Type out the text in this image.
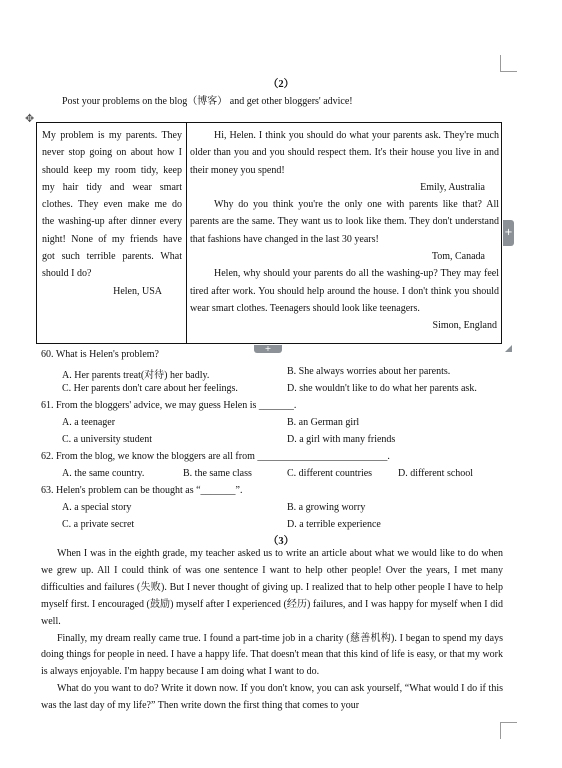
（2）
Post your problems on the blog（博客） and get other bloggers' advice!
✥
My problem is my parents. They never stop going on about how I should keep my room tidy, keep my hair tidy and wear smart clothes. They even make me do the washing-up after dinner every night! None of my friends have got such terrible parents. What should I do?
Helen, USA

Hi, Helen. I think you should do what your parents ask. They're much older than you and you should respect them. It's their house you live in and their money you spend!

Emily, Australia

Why do you think you're the only one with parents like that? All parents are the same. They want us to look like them. They don't understand that fashions have changed in the last 30 years!

Tom, Canada

Helen, why should your parents do all the washing-up? They may feel tired after work. You should help around the house. I don't think you should wear smart clothes. Teenagers should look like teenagers.

Simon, England
+
+
60. What is Helen's problem?
A. Her parents treat(对待) her badly.	B. She always worries about her parents.
C. Her parents don't care about her feelings.	D. she wouldn't like to do what her parents ask.
61. From the bloggers' advice, we may guess Helen is _______.
A. a teenager	B. an German girl
C. a university student	D. a girl with many friends
62. From the blog, we know the bloggers are all from __________________________.
A. the same country.	B. the same class	C. different countries	D. different school
63. Helen's problem can be thought as “_______”.
A. a special story	B. a growing worry
C. a private secret	D. a terrible experience
（3）

When I was in the eighth grade, my teacher asked us to write an article about what we would like to do when we grew up. All I could think of was one sentence I want to help other people! Over the years, I met many difficulties and failures (失败). But I never thought of giving up. I realized that to help other people I have to help myself first. I encouraged (鼓励) myself after I experienced (经历) failures, and I was happy for myself when I did well.

Finally, my dream really came true. I found a part-time job in a charity (慈善机构). I began to spend my days doing things for people in need. I have a happy life. That doesn't mean that this kind of life is easy, or that my work is always enjoyable. I'm happy because I am doing what I want to do.

What do you want to do? Write it down now. If you don't know, you can ask yourself, “What would I do if this was the last day of my life?” Then write down the first thing that comes to your
